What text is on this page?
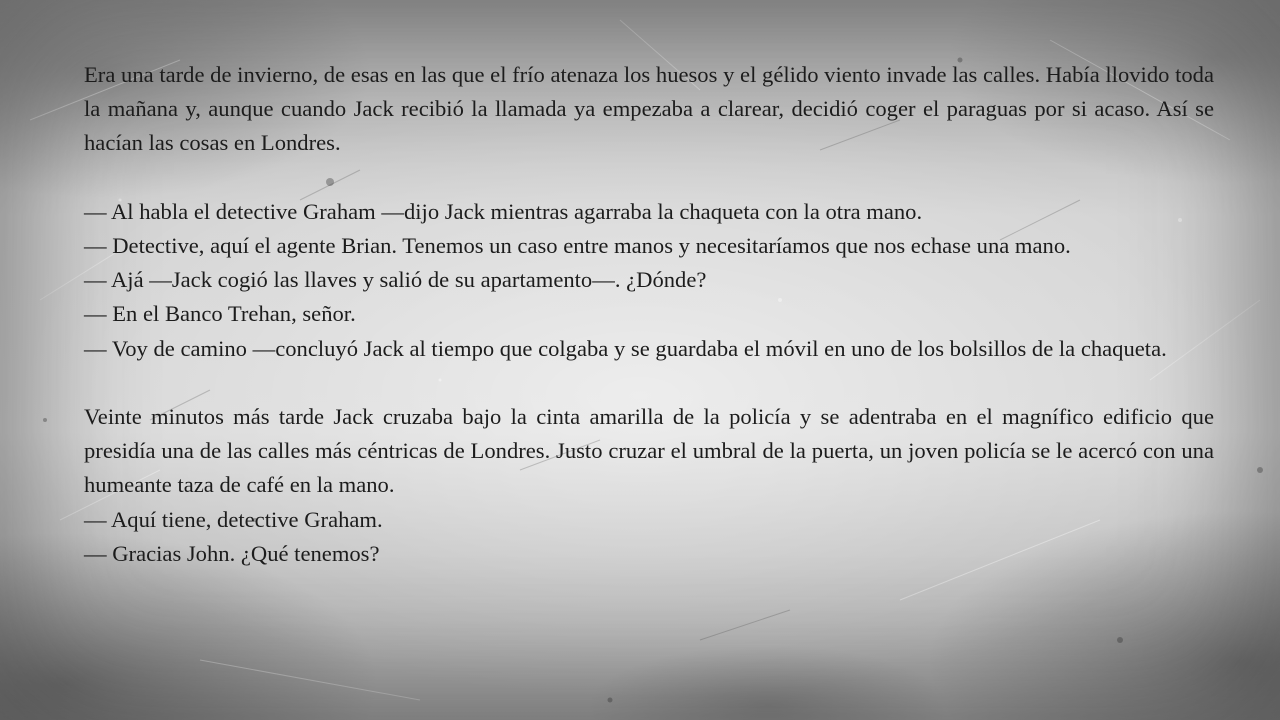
Era una tarde de invierno, de esas en las que el frío atenaza los huesos y el gélido viento invade las calles. Había llovido toda la mañana y, aunque cuando Jack recibió la llamada ya empezaba a clarear, decidió coger el paraguas por si acaso. Así se hacían las cosas en Londres.

— Al habla el detective Graham —dijo Jack mientras agarraba la chaqueta con la otra mano.

— Detective, aquí el agente Brian. Tenemos un caso entre manos y necesitaríamos que nos echase una mano.

— Ajá —Jack cogió las llaves y salió de su apartamento—. ¿Dónde?

— En el Banco Trehan, señor.

— Voy de camino —concluyó Jack al tiempo que colgaba y se guardaba el móvil en uno de los bolsillos de la chaqueta.

Veinte minutos más tarde Jack cruzaba bajo la cinta amarilla de la policía y se adentraba en el magnífico edificio que presidía una de las calles más céntricas de Londres. Justo cruzar el umbral de la puerta, un joven policía se le acercó con una humeante taza de café en la mano.

— Aquí tiene, detective Graham.

— Gracias John. ¿Qué tenemos?
